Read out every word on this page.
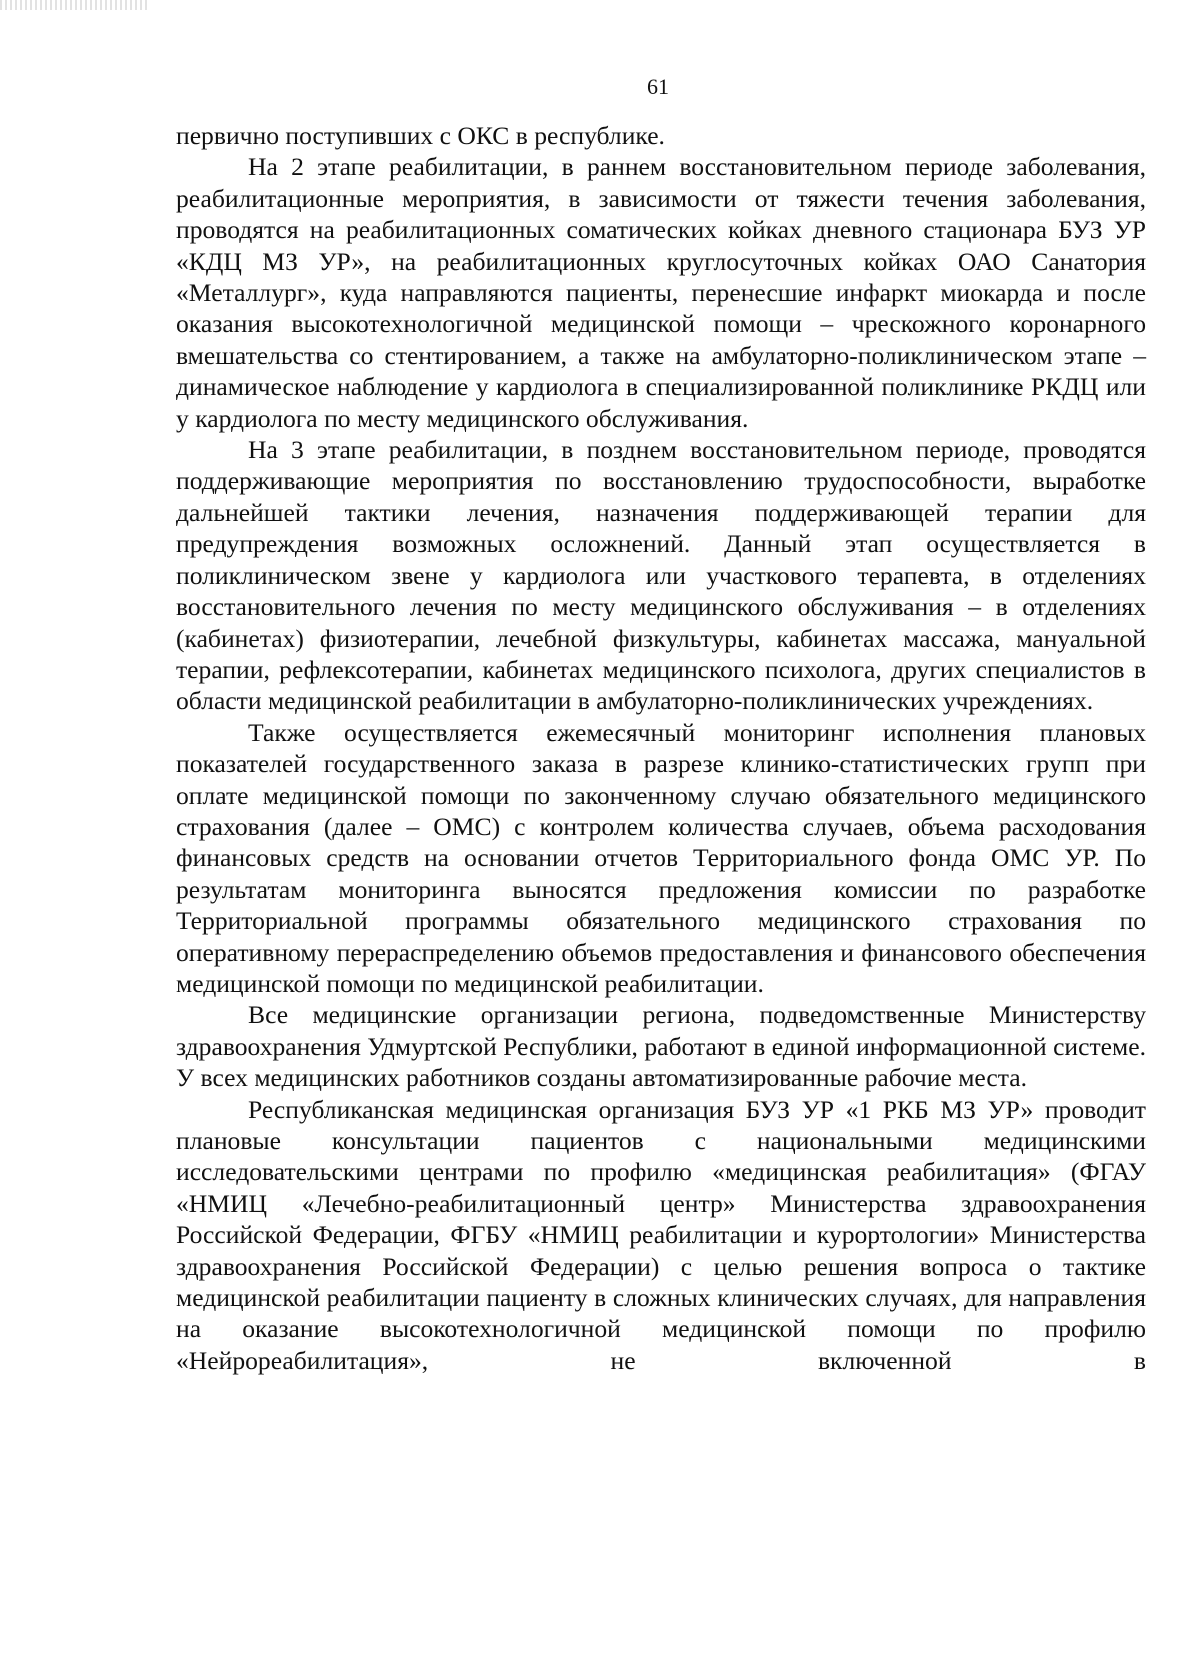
61

первично поступивших с ОКС в республике.

На 2 этапе реабилитации, в раннем восстановительном периоде заболевания, реабилитационные мероприятия, в зависимости от тяжести течения заболевания, проводятся на реабилитационных соматических койках дневного стационара БУЗ УР «КДЦ МЗ УР», на реабилитационных круглосуточных койках ОАО Санатория «Металлург», куда направляются пациенты, перенесшие инфаркт миокарда и после оказания высокотехнологичной медицинской помощи – чрескожного коронарного вмешательства со стентированием, а также на амбулаторно-поликлиническом этапе – динамическое наблюдение у кардиолога в специализированной поликлинике РКДЦ или у кардиолога по месту медицинского обслуживания.

На 3 этапе реабилитации, в позднем восстановительном периоде, проводятся поддерживающие мероприятия по восстановлению трудоспособности, выработке дальнейшей тактики лечения, назначения поддерживающей терапии для предупреждения возможных осложнений. Данный этап осуществляется в поликлиническом звене у кардиолога или участкового терапевта, в отделениях восстановительного лечения по месту медицинского обслуживания – в отделениях (кабинетах) физиотерапии, лечебной физкультуры, кабинетах массажа, мануальной терапии, рефлексотерапии, кабинетах медицинского психолога, других специалистов в области медицинской реабилитации в амбулаторно-поликлинических учреждениях.

Также осуществляется ежемесячный мониторинг исполнения плановых показателей государственного заказа в разрезе клинико-статистических групп при оплате медицинской помощи по законченному случаю обязательного медицинского страхования (далее – ОМС) с контролем количества случаев, объема расходования финансовых средств на основании отчетов Территориального фонда ОМС УР. По результатам мониторинга выносятся предложения комиссии по разработке Территориальной программы обязательного медицинского страхования по оперативному перераспределению объемов предоставления и финансового обеспечения медицинской помощи по медицинской реабилитации.

Все медицинские организации региона, подведомственные Министерству здравоохранения Удмуртской Республики, работают в единой информационной системе. У всех медицинских работников созданы автоматизированные рабочие места.

Республиканская медицинская организация БУЗ УР «1 РКБ МЗ УР» проводит плановые консультации пациентов с национальными медицинскими исследовательскими центрами по профилю «медицинская реабилитация» (ФГАУ «НМИЦ «Лечебно-реабилитационный центр» Министерства здравоохранения Российской Федерации, ФГБУ «НМИЦ реабилитации и курортологии» Министерства здравоохранения Российской Федерации) с целью решения вопроса о тактике медицинской реабилитации пациенту в сложных клинических случаях, для направления на оказание высокотехнологичной медицинской помощи по профилю «Нейрореабилитация», не включенной в
